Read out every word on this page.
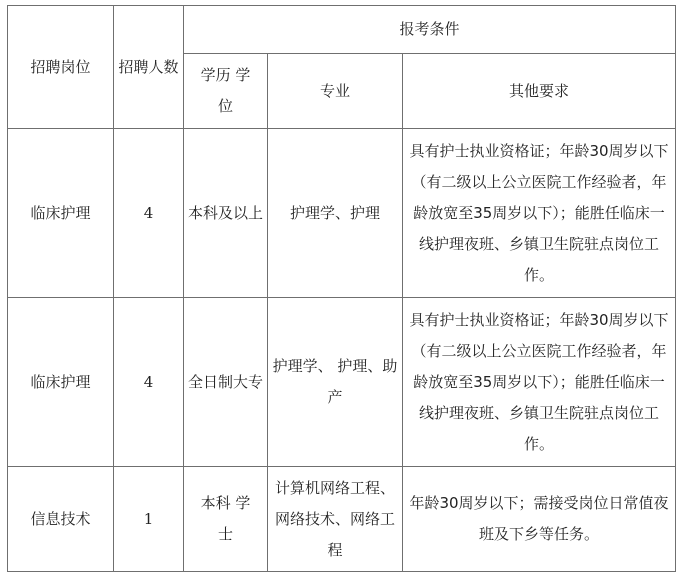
招聘岗位	招聘人数	报考条件		
		学历 学位	专业	其他要求
临床护理	4	本科及以上	护理学、护理	具有护士执业资格证；年龄30周岁以下（有二级以上公立医院工作经验者，年龄放宽至35周岁以下）；能胜任临床一线护理夜班、乡镇卫生院驻点岗位工作。
临床护理	4	全日制大专	护理学、 护理、助产	具有护士执业资格证；年龄30周岁以下（有二级以上公立医院工作经验者，年龄放宽至35周岁以下）；能胜任临床一线护理夜班、乡镇卫生院驻点岗位工作。
信息技术	1	本科 学士	计算机网络工程、网络技术、网络工程	年龄30周岁以下；需接受岗位日常值夜班及下乡等任务。
